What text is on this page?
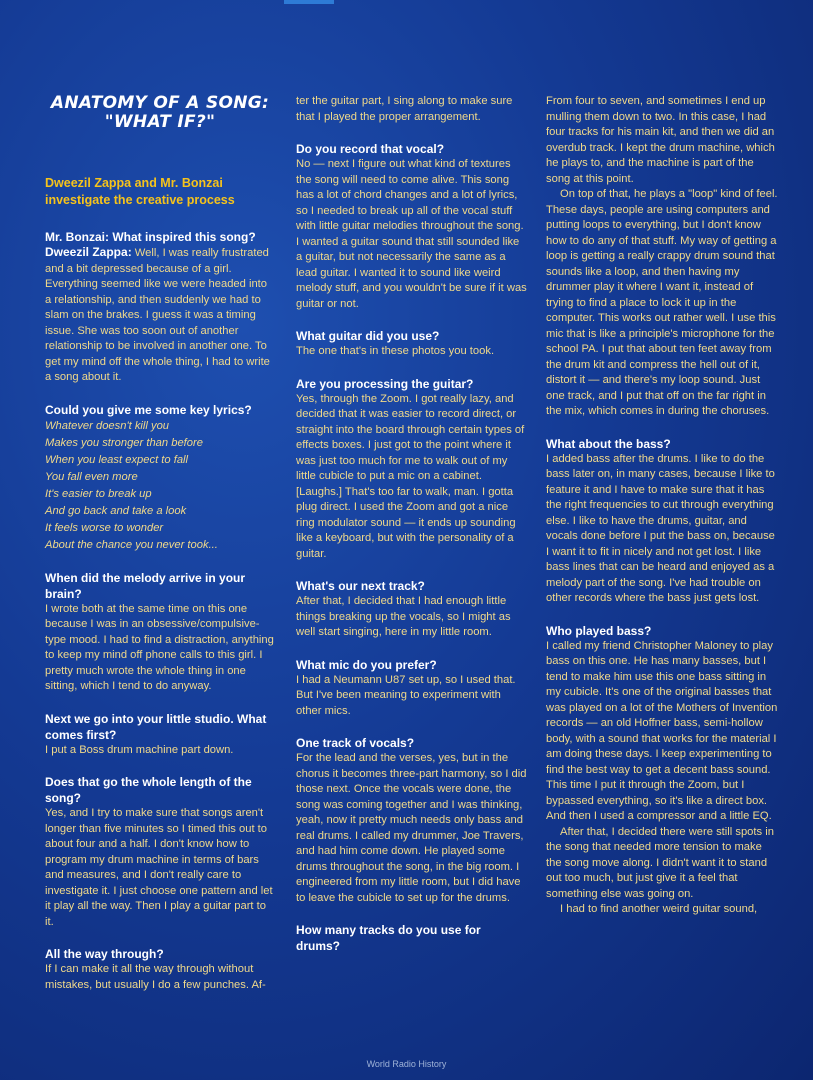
ANATOMY OF A SONG:
"WHAT IF?"
Dweezil Zappa and Mr. Bonzai investigate the creative process
Mr. Bonzai: What inspired this song?
Dweezil Zappa: Well, I was really frustrated and a bit depressed because of a girl. Everything seemed like we were headed into a relationship, and then suddenly we had to slam on the brakes. I guess it was a timing issue. She was too soon out of another relationship to be involved in another one. To get my mind off the whole thing, I had to write a song about it.
Could you give me some key lyrics?
Whatever doesn't kill you
Makes you stronger than before
When you least expect to fall
You fall even more
It's easier to break up
And go back and take a look
It feels worse to wonder
About the chance you never took...
When did the melody arrive in your brain?
I wrote both at the same time on this one because I was in an obsessive/compulsive-type mood. I had to find a distraction, anything to keep my mind off phone calls to this girl. I pretty much wrote the whole thing in one sitting, which I tend to do anyway.
Next we go into your little studio. What comes first?
I put a Boss drum machine part down.
Does that go the whole length of the song?
Yes, and I try to make sure that songs aren't longer than five minutes so I timed this out to about four and a half. I don't know how to program my drum machine in terms of bars and measures, and I don't really care to investigate it. I just choose one pattern and let it play all the way. Then I play a guitar part to it.
All the way through?
If I can make it all the way through without mistakes, but usually I do a few punches. Af-
ter the guitar part, I sing along to make sure that I played the proper arrangement.
Do you record that vocal?
No — next I figure out what kind of textures the song will need to come alive. This song has a lot of chord changes and a lot of lyrics, so I needed to break up all of the vocal stuff with little guitar melodies throughout the song. I wanted a guitar sound that still sounded like a guitar, but not necessarily the same as a lead guitar. I wanted it to sound like weird melody stuff, and you wouldn't be sure if it was guitar or not.
What guitar did you use?
The one that's in these photos you took.
Are you processing the guitar?
Yes, through the Zoom. I got really lazy, and decided that it was easier to record direct, or straight into the board through certain types of effects boxes. I just got to the point where it was just too much for me to walk out of my little cubicle to put a mic on a cabinet. [Laughs.] That's too far to walk, man. I gotta plug direct. I used the Zoom and got a nice ring modulator sound — it ends up sounding like a keyboard, but with the personality of a guitar.
What's our next track?
After that, I decided that I had enough little things breaking up the vocals, so I might as well start singing, here in my little room.
What mic do you prefer?
I had a Neumann U87 set up, so I used that. But I've been meaning to experiment with other mics.
One track of vocals?
For the lead and the verses, yes, but in the chorus it becomes three-part harmony, so I did those next. Once the vocals were done, the song was coming together and I was thinking, yeah, now it pretty much needs only bass and real drums. I called my drummer, Joe Travers, and had him come down. He played some drums throughout the song, in the big room. I engineered from my little room, but I did have to leave the cubicle to set up for the drums.
How many tracks do you use for drums?
From four to seven, and sometimes I end up mulling them down to two. In this case, I had four tracks for his main kit, and then we did an overdub track. I kept the drum machine, which he plays to, and the machine is part of the song at this point.
On top of that, he plays a "loop" kind of feel. These days, people are using computers and putting loops to everything, but I don't know how to do any of that stuff. My way of getting a loop is getting a really crappy drum sound that sounds like a loop, and then having my drummer play it where I want it, instead of trying to find a place to lock it up in the computer. This works out rather well. I use this mic that is like a principle's microphone for the school PA. I put that about ten feet away from the drum kit and compress the hell out of it, distort it — and there's my loop sound. Just one track, and I put that off on the far right in the mix, which comes in during the choruses.
What about the bass?
I added bass after the drums. I like to do the bass later on, in many cases, because I like to feature it and I have to make sure that it has the right frequencies to cut through everything else. I like to have the drums, guitar, and vocals done before I put the bass on, because I want it to fit in nicely and not get lost. I like bass lines that can be heard and enjoyed as a melody part of the song. I've had trouble on other records where the bass just gets lost.
Who played bass?
I called my friend Christopher Maloney to play bass on this one. He has many basses, but I tend to make him use this one bass sitting in my cubicle. It's one of the original basses that was played on a lot of the Mothers of Invention records — an old Hoffner bass, semi-hollow body, with a sound that works for the material I am doing these days. I keep experimenting to find the best way to get a decent bass sound. This time I put it through the Zoom, but I bypassed everything, so it's like a direct box. And then I used a compressor and a little EQ.
After that, I decided there were still spots in the song that needed more tension to make the song move along. I didn't want it to stand out too much, but just give it a feel that something else was going on.
I had to find another weird guitar sound,
World Radio History
